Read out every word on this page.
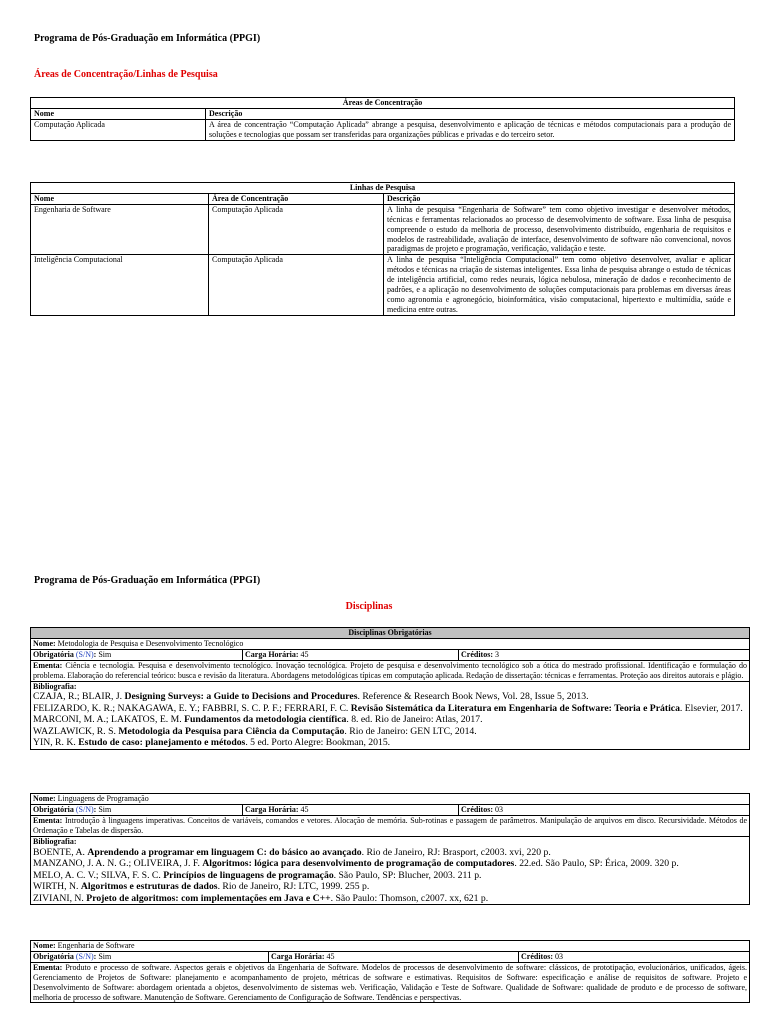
Programa de Pós-Graduação em Informática (PPGI)
Áreas de Concentração/Linhas de Pesquisa
Áreas de Concentração	
Nome	Descrição
Computação Aplicada	A área de concentração “Computação Aplicada” abrange a pesquisa, desenvolvimento e aplicação de técnicas e métodos computacionais para a produção de soluções e tecnologias que possam ser transferidas para organizações públicas e privadas e do terceiro setor.
Linhas de Pesquisa		
Nome	Área de Concentração	Descrição
Engenharia de Software	Computação Aplicada	A linha de pesquisa “Engenharia de Software” tem como objetivo investigar e desenvolver métodos, técnicas e ferramentas relacionados ao processo de desenvolvimento de software. Essa linha de pesquisa compreende o estudo da melhoria de processo, desenvolvimento distribuído, engenharia de requisitos e modelos de rastreabilidade, avaliação de interface, desenvolvimento de software não convencional, novos paradigmas de projeto e programação, verificação, validação e teste.
Inteligência Computacional	Computação Aplicada	A linha de pesquisa “Inteligência Computacional” tem como objetivo desenvolver, avaliar e aplicar métodos e técnicas na criação de sistemas inteligentes. Essa linha de pesquisa abrange o estudo de técnicas de inteligência artificial, como redes neurais, lógica nebulosa, mineração de dados e reconhecimento de padrões, e a aplicação no desenvolvimento de soluções computacionais para problemas em diversas áreas como agronomia e agronegócio, bioinformática, visão computacional, hipertexto e multimídia, saúde e medicina entre outras.
Programa de Pós-Graduação em Informática (PPGI)
Disciplinas
Disciplinas Obrigatórias
Nome: Metodologia de Pesquisa e Desenvolvimento Tecnológico
Obrigatória (S/N): Sim	Carga Horária: 45	Créditos: 3
Ementa: Ciência e tecnologia. Pesquisa e desenvolvimento tecnológico. Inovação tecnológica. Projeto de pesquisa e desenvolvimento tecnológico sob a ótica do mestrado profissional. Identificação e formulação do problema. Elaboração do referencial teórico: busca e revisão da literatura. Abordagens metodológicas típicas em computação aplicada. Redação de dissertação: técnicas e ferramentas. Proteção aos direitos autorais e plágio.

Bibliografia:
CZAJA, R.; BLAIR, J. Designing Surveys: a Guide to Decisions and Procedures. Reference & Research Book News, Vol. 28, Issue 5, 2013.
FELIZARDO, K. R.; NAKAGAWA, E. Y.; FABBRI, S. C. P. F.; FERRARI, F. C. Revisão Sistemática da Literatura em Engenharia de Software: Teoria e Prática. Elsevier, 2017.
MARCONI, M. A.; LAKATOS, E. M. Fundamentos da metodologia científica. 8. ed. Rio de Janeiro: Atlas, 2017.
WAZLAWICK, R. S. Metodologia da Pesquisa para Ciência da Computação. Rio de Janeiro: GEN LTC, 2014.
YIN, R. K. Estudo de caso: planejamento e métodos. 5 ed. Porto Alegre: Bookman, 2015.
Nome: Linguagens de Programação
Obrigatória (S/N): Sim	Carga Horária: 45	Créditos: 03
Ementa: Introdução à linguagens imperativas. Conceitos de variáveis, comandos e vetores. Alocação de memória. Sub-rotinas e passagem de parâmetros. Manipulação de arquivos em disco. Recursividade. Métodos de Ordenação e Tabelas de dispersão.

Bibliografia:
BOENTE, A. Aprendendo a programar em linguagem C: do básico ao avançado. Rio de Janeiro, RJ: Brasport, c2003. xvi, 220 p.
MANZANO, J. A. N. G.; OLIVEIRA, J. F. Algoritmos: lógica para desenvolvimento de programação de computadores. 22.ed. São Paulo, SP: Érica, 2009. 320 p.
MELO, A. C. V.; SILVA, F. S. C. Princípios de linguagens de programação. São Paulo, SP: Blucher, 2003. 211 p.
WIRTH, N. Algoritmos e estruturas de dados. Rio de Janeiro, RJ: LTC, 1999. 255 p.
ZIVIANI, N. Projeto de algoritmos: com implementações em Java e C++. São Paulo: Thomson, c2007. xx, 621 p.
Nome: Engenharia de Software
Obrigatória (S/N): Sim	Carga Horária: 45	Créditos: 03
Ementa: Produto e processo de software. Aspectos gerais e objetivos da Engenharia de Software. Modelos de processos de desenvolvimento de software: clássicos, de prototipação, evolucionários, unificados, ágeis. Gerenciamento de Projetos de Software: planejamento e acompanhamento de projeto, métricas de software e estimativas. Requisitos de Software: especificação e análise de requisitos de software. Projeto e Desenvolvimento de Software: abordagem orientada a objetos, desenvolvimento de sistemas web. Verificação, Validação e Teste de Software. Qualidade de Software: qualidade de produto e de processo de software, melhoria de processo de software. Manutenção de Software. Gerenciamento de Configuração de Software. Tendências e perspectivas.
